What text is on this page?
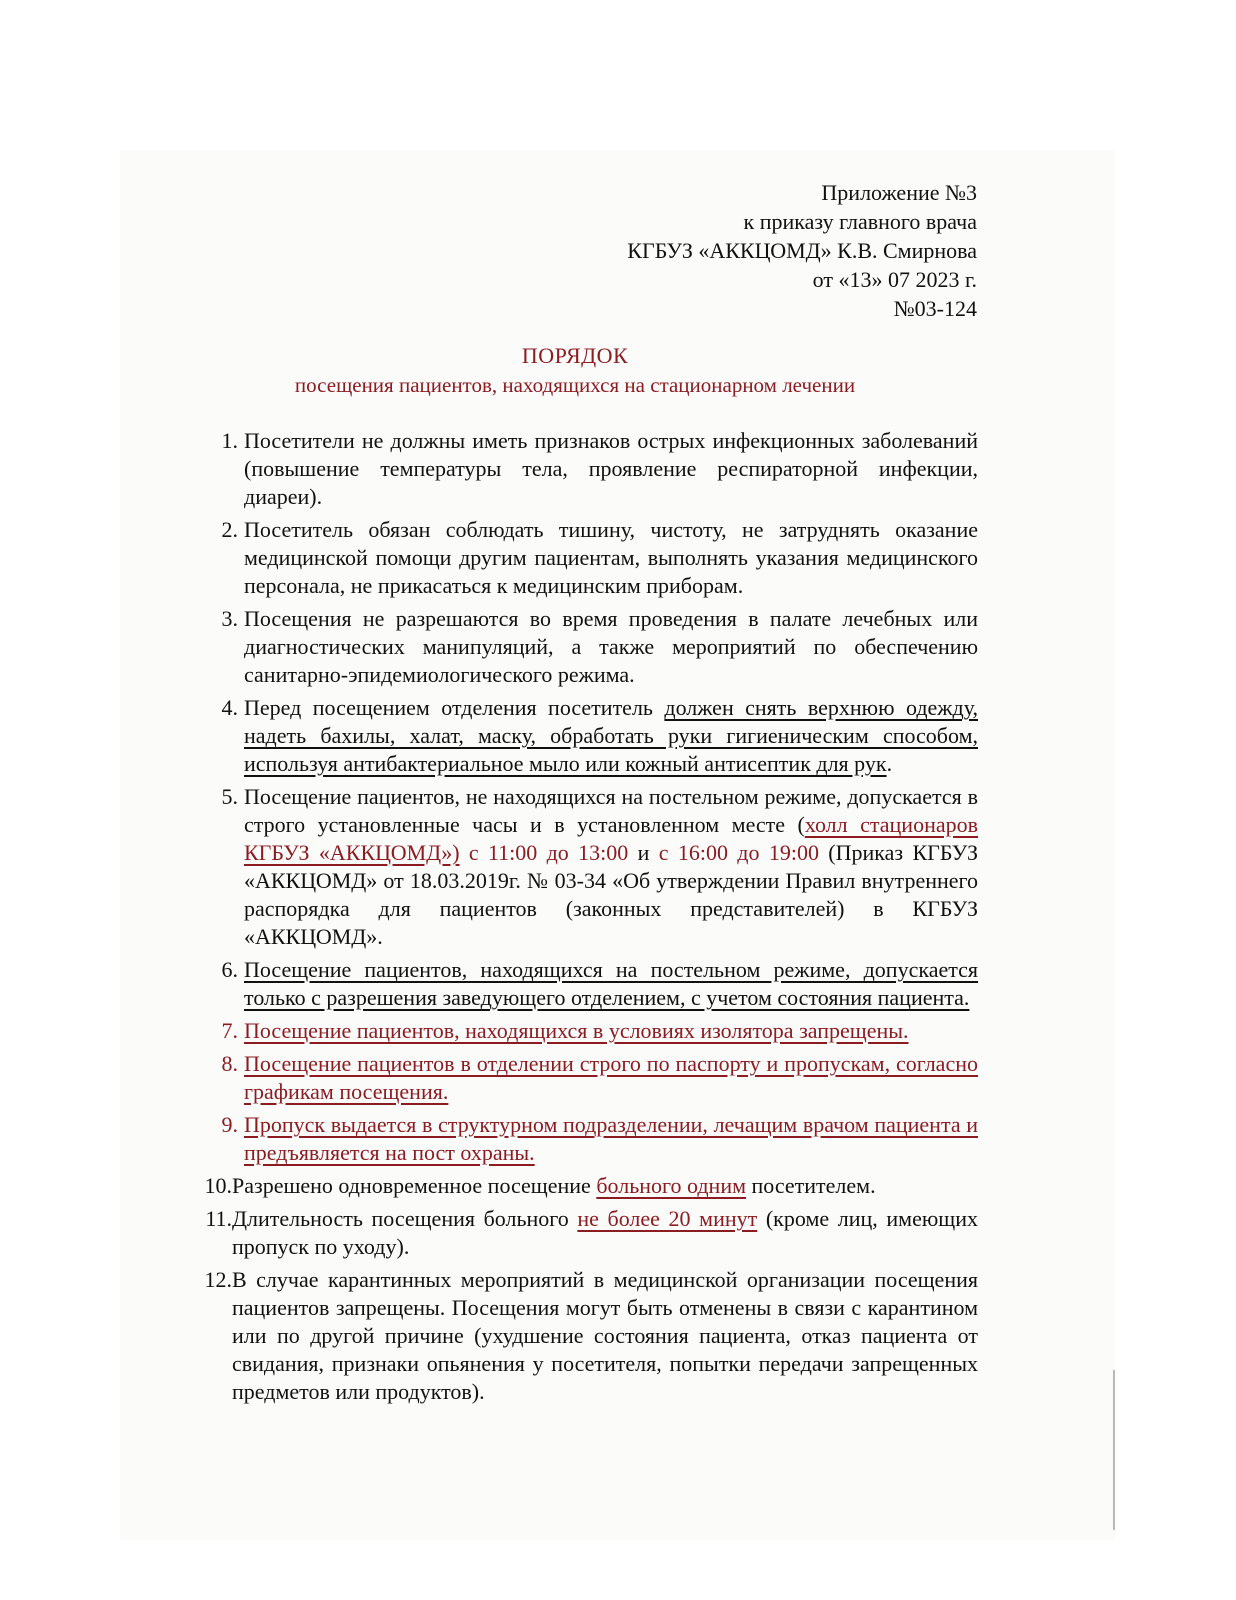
Приложение №3
к приказу главного врача
КГБУЗ «АККЦОМД» К.В. Смирнова
от «13» 07 2023 г.
№03-124
ПОРЯДОК
посещения пациентов, находящихся на стационарном лечении
1. Посетители не должны иметь признаков острых инфекционных заболеваний (повышение температуры тела, проявление респираторной инфекции, диареи).
2. Посетитель обязан соблюдать тишину, чистоту, не затруднять оказание медицинской помощи другим пациентам, выполнять указания медицинского персонала, не прикасаться к медицинским приборам.
3. Посещения не разрешаются во время проведения в палате лечебных или диагностических манипуляций, а также мероприятий по обеспечению санитарно-эпидемиологического режима.
4. Перед посещением отделения посетитель должен снять верхнюю одежду, надеть бахилы, халат, маску, обработать руки гигиеническим способом, используя антибактериальное мыло или кожный антисептик для рук.
5. Посещение пациентов, не находящихся на постельном режиме, допускается в строго установленные часы и в установленном месте (холл стационаров КГБУЗ «АККЦОМД») с 11:00 до 13:00 и с 16:00 до 19:00 (Приказ КГБУЗ «АККЦОМД» от 18.03.2019г. № 03-34 «Об утверждении Правил внутреннего распорядка для пациентов (законных представителей) в КГБУЗ «АККЦОМД».
6. Посещение пациентов, находящихся на постельном режиме, допускается только с разрешения заведующего отделением, с учетом состояния пациента.
7. Посещение пациентов, находящихся в условиях изолятора запрещены.
8. Посещение пациентов в отделении строго по паспорту и пропускам, согласно графикам посещения.
9. Пропуск выдается в структурном подразделении, лечащим врачом пациента и предъявляется на пост охраны.
10. Разрешено одновременное посещение больного одним посетителем.
11. Длительность посещения больного не более 20 минут (кроме лиц, имеющих пропуск по уходу).
12. В случае карантинных мероприятий в медицинской организации посещения пациентов запрещены. Посещения могут быть отменены в связи с карантином или по другой причине (ухудшение состояния пациента, отказ пациента от свидания, признаки опьянения у посетителя, попытки передачи запрещенных предметов или продуктов).
